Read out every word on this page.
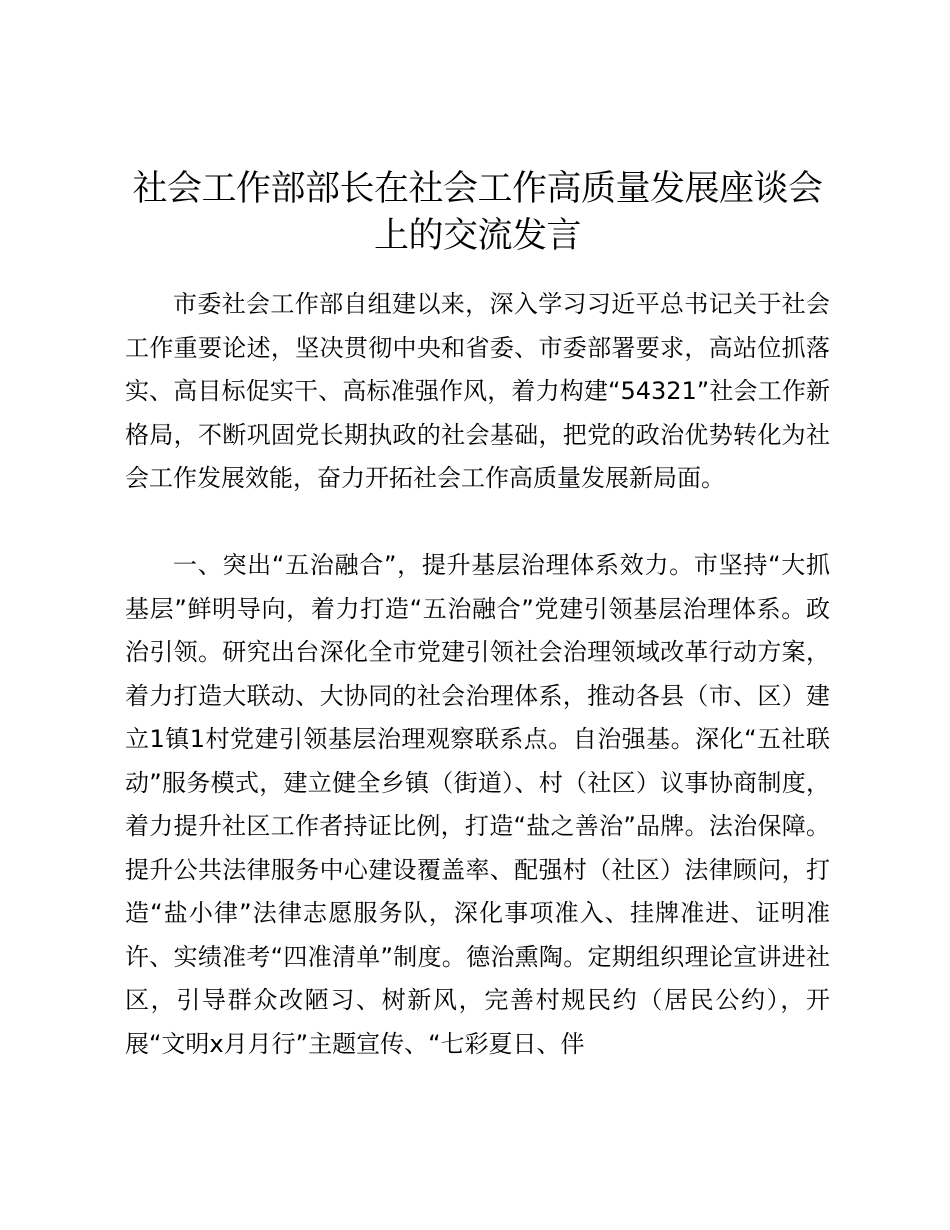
社会工作部部长在社会工作高质量发展座谈会上的交流发言

市委社会工作部自组建以来，深入学习习近平总书记关于社会工作重要论述，坚决贯彻中央和省委、市委部署要求，高站位抓落实、高目标促实干、高标准强作风，着力构建“54321”社会工作新格局，不断巩固党长期执政的社会基础，把党的政治优势转化为社会工作发展效能，奋力开拓社会工作高质量发展新局面。

一、突出“五治融合”，提升基层治理体系效力。市坚持“大抓基层”鲜明导向，着力打造“五治融合”党建引领基层治理体系。政治引领。研究出台深化全市党建引领社会治理领域改革行动方案，着力打造大联动、大协同的社会治理体系，推动各县（市、区）建立1镇1村党建引领基层治理观察联系点。自治强基。深化“五社联动”服务模式，建立健全乡镇（街道）、村（社区）议事协商制度，着力提升社区工作者持证比例，打造“盐之善治”品牌。法治保障。提升公共法律服务中心建设覆盖率、配强村（社区）法律顾问，打造“盐小律”法律志愿服务队，深化事项准入、挂牌准进、证明准许、实绩准考“四准清单”制度。德治熏陶。定期组织理论宣讲进社区，引导群众改陋习、树新风，完善村规民约（居民公约），开展“文明x月月行”主题宣传、“七彩夏日、伴
